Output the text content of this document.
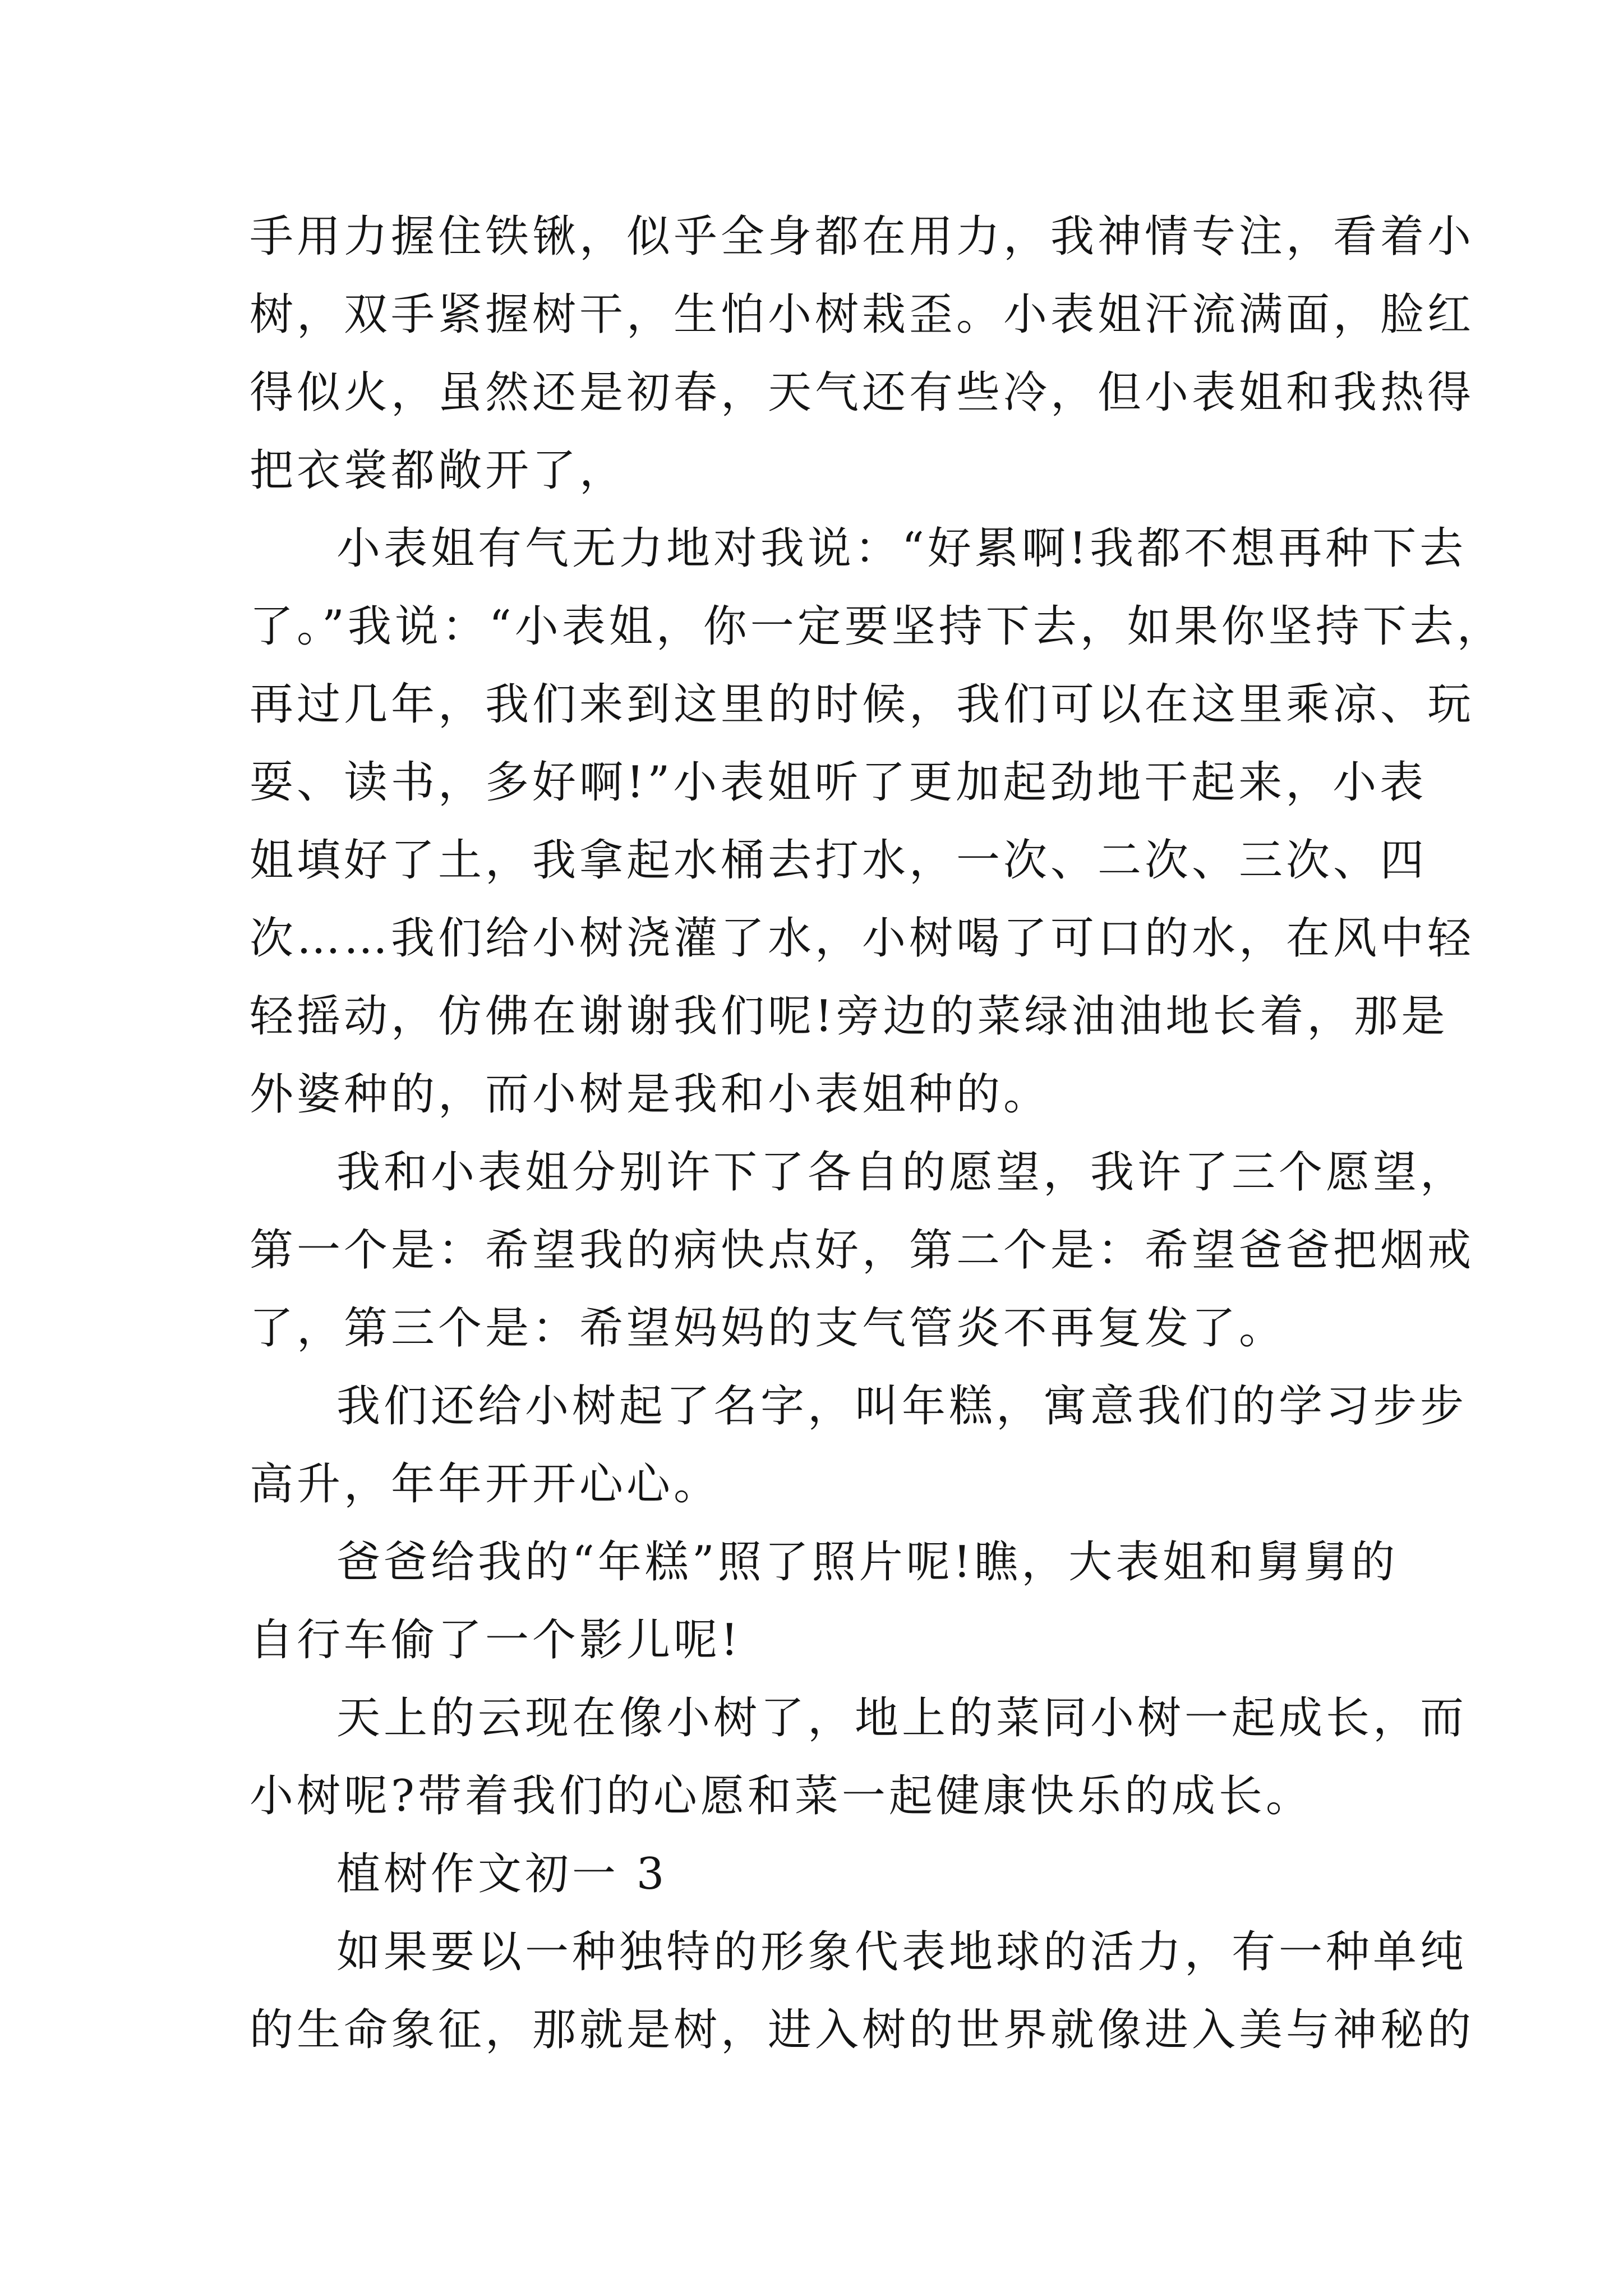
手用力握住铁锹，似乎全身都在用力，我神情专注，看着小

树，双手紧握树干，生怕小树栽歪。小表姐汗流满面，脸红

得似火，虽然还是初春，天气还有些冷，但小表姐和我热得

把衣裳都敞开了，

小表姐有气无力地对我说：“好累啊!我都不想再种下去

了。”我说：“小表姐，你一定要坚持下去，如果你坚持下去，

再过几年，我们来到这里的时候，我们可以在这里乘凉、玩

耍、读书，多好啊!”小表姐听了更加起劲地干起来，小表

姐填好了土，我拿起水桶去打水，一次、二次、三次、四

次……我们给小树浇灌了水，小树喝了可口的水，在风中轻

轻摇动，仿佛在谢谢我们呢!旁边的菜绿油油地长着，那是

外婆种的，而小树是我和小表姐种的。

我和小表姐分别许下了各自的愿望，我许了三个愿望，

第一个是：希望我的病快点好，第二个是：希望爸爸把烟戒

了，第三个是：希望妈妈的支气管炎不再复发了。

我们还给小树起了名字，叫年糕，寓意我们的学习步步

高升，年年开开心心。

爸爸给我的“年糕”照了照片呢!瞧，大表姐和舅舅的

自行车偷了一个影儿呢!

天上的云现在像小树了，地上的菜同小树一起成长，而

小树呢?带着我们的心愿和菜一起健康快乐的成长。

植树作文初一 3

如果要以一种独特的形象代表地球的活力，有一种单纯

的生命象征，那就是树，进入树的世界就像进入美与神秘的
